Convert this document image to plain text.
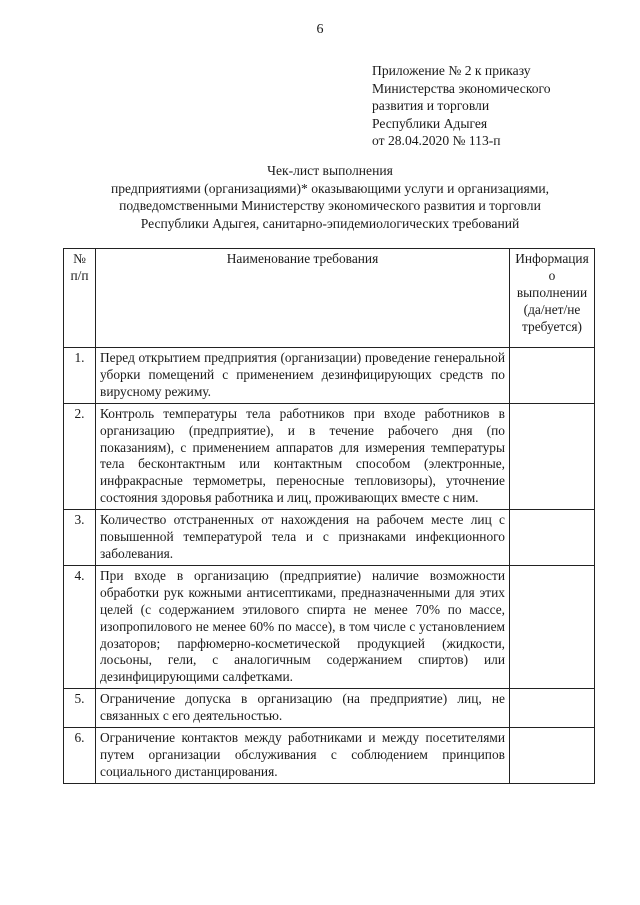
6
Приложение № 2 к приказу
Министерства экономического
развития и торговли
Республики Адыгея
от 28.04.2020 № 113-п
Чек-лист выполнения
предприятиями (организациями)* оказывающими услуги и организациями,
подведомственными Министерству экономического развития и торговли
Республики Адыгея, санитарно-эпидемиологических требований
№ п/п	Наименование требования	Информация о выполнении (да/нет/не требуется)
1.	Перед открытием предприятия (организации) проведение генеральной уборки помещений с применением дезинфицирующих средств по вирусному режиму.	
2.	Контроль температуры тела работников при входе работников в организацию (предприятие), и в течение рабочего дня (по показаниям), с применением аппаратов для измерения температуры тела бесконтактным или контактным способом (электронные, инфракрасные термометры, переносные тепловизоры), уточнение состояния здоровья работника и лиц, проживающих вместе с ним.	
3.	Количество отстраненных от нахождения на рабочем месте лиц с повышенной температурой тела и с признаками инфекционного заболевания.	
4.	При входе в организацию (предприятие) наличие возможности обработки рук кожными антисептиками, предназначенными для этих целей (с содержанием этилового спирта не менее 70% по массе, изопропилового не менее 60% по массе), в том числе с установлением дозаторов; парфюмерно-косметической продукцией (жидкости, лосьоны, гели, с аналогичным содержанием спиртов) или дезинфицирующими салфетками.	
5.	Ограничение допуска в организацию (на предприятие) лиц, не связанных с его деятельностью.	
6.	Ограничение контактов между работниками и между посетителями путем организации обслуживания с соблюдением принципов социального дистанцирования.	
